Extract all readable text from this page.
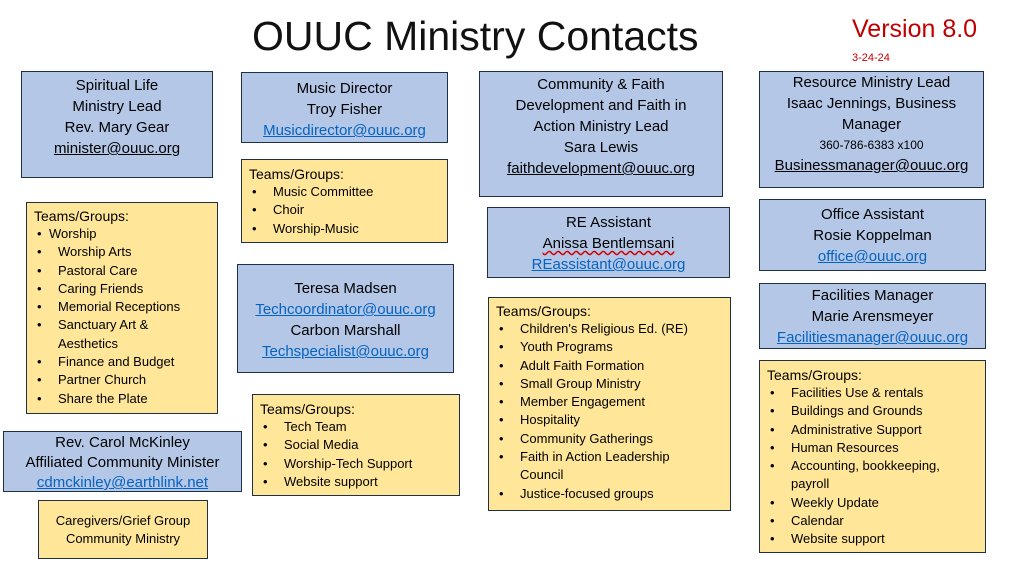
OUUC Ministry Contacts	Version 8.0
3-24-24
Spiritual Life
Ministry Lead
Rev. Mary Gear
minister@ouuc.org
Teams/Groups:
• Worship
• Worship Arts
• Pastoral Care
• Caring Friends
• Memorial Receptions
• Sanctuary Art & Aesthetics
• Finance and Budget
• Partner Church
• Share the Plate
Rev. Carol McKinley
Affiliated Community Minister
cdmckinley@earthlink.net
Caregivers/Grief Group
Community Ministry
Music Director
Troy Fisher
Musicdirector@ouuc.org
Teams/Groups:
• Music Committee
• Choir
• Worship-Music
Teresa Madsen
Techcoordinator@ouuc.org
Carbon Marshall
Techspecialist@ouuc.org
Teams/Groups:
• Tech Team
• Social Media
• Worship-Tech Support
• Website support
Community & Faith
Development and Faith in
Action Ministry Lead
Sara Lewis
faithdevelopment@ouuc.org
RE Assistant
Anissa Bentlemsani
REassistant@ouuc.org
Teams/Groups:
• Children's Religious Ed. (RE)
• Youth Programs
• Adult Faith Formation
• Small Group Ministry
• Member Engagement
• Hospitality
• Community Gatherings
• Faith in Action Leadership Council
• Justice-focused groups
Resource Ministry Lead
Isaac Jennings, Business
Manager
360-786-6383 x100
Businessmanager@ouuc.org
Office Assistant
Rosie Koppelman
office@ouuc.org
Facilities Manager
Marie Arensmeyer
Facilitiesmanager@ouuc.org
Teams/Groups:
• Facilities Use & rentals
• Buildings and Grounds
• Administrative Support
• Human Resources
• Accounting, bookkeeping, payroll
• Weekly Update
• Calendar
• Website support
